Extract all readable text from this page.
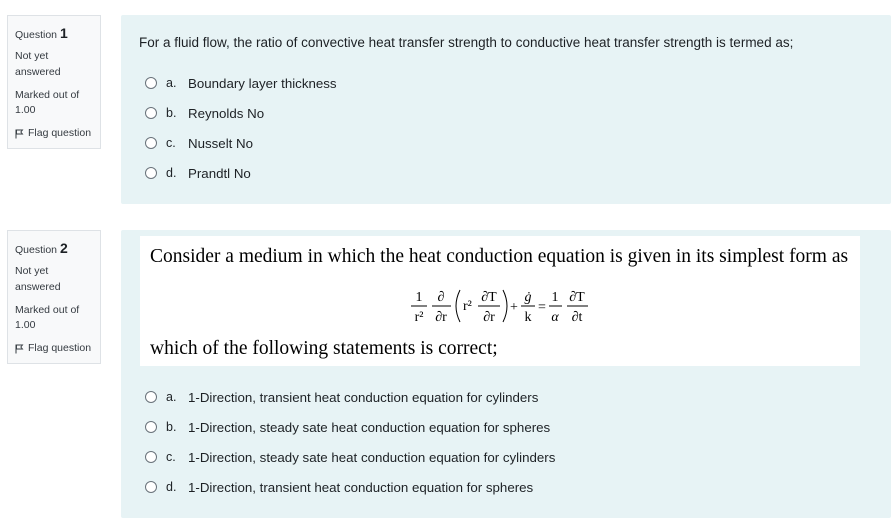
Question 1
Not yet answered
Marked out of 1.00
Flag question
For a fluid flow, the ratio of convective heat transfer strength to conductive heat transfer strength is termed as;
a. Boundary layer thickness
b. Reynolds No
c. Nusselt No
d. Prandtl No
Question 2
Not yet answered
Marked out of 1.00
Flag question
Consider a medium in which the heat conduction equation is given in its simplest form as
1
r²
∂
∂r
r²
∂T
∂r
+
ġ
k
=
1
α
∂T
∂t
which of the following statements is correct;
a. 1-Direction, transient heat conduction equation for cylinders
b. 1-Direction, steady sate heat conduction equation for spheres
c. 1-Direction, steady sate heat conduction equation for cylinders
d. 1-Direction, transient heat conduction equation for spheres
